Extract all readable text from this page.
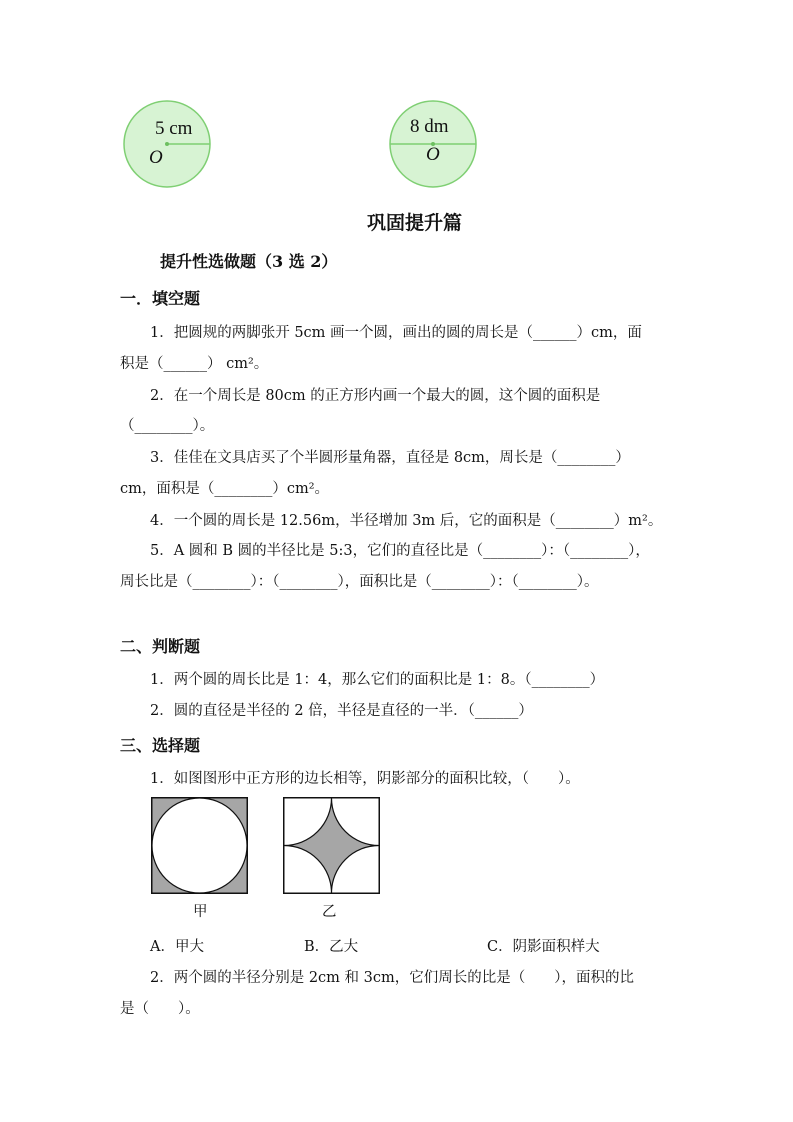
5 cm
O
8 dm
O
巩固提升篇
提升性选做题（3 选 2）
一．填空题
1．把圆规的两脚张开 5cm 画一个圆，画出的圆的周长是（______）cm，面
积是（______） cm²。
2．在一个周长是 80cm 的正方形内画一个最大的圆，这个圆的面积是
（________）。
3．佳佳在文具店买了个半圆形量角器，直径是 8cm，周长是（________）
cm，面积是（________）cm²。
4．一个圆的周长是 12.56m，半径增加 3m 后，它的面积是（________）m²。
5．A 圆和 B 圆的半径比是 5:3，它们的直径比是（________）：（________），
周长比是（________）：（________），面积比是（________）：（________）。
二、判断题
1．两个圆的周长比是 1：4，那么它们的面积比是 1：8。（________）
2．圆的直径是半径的 2 倍，半径是直径的一半．（______）
三、选择题
1．如图图形中正方形的边长相等，阴影部分的面积比较，（　　）。
甲	乙
A．甲大	B．乙大	C．阴影面积样大
2．两个圆的半径分别是 2cm 和 3cm，它们周长的比是（　　），面积的比
是（　　）。
